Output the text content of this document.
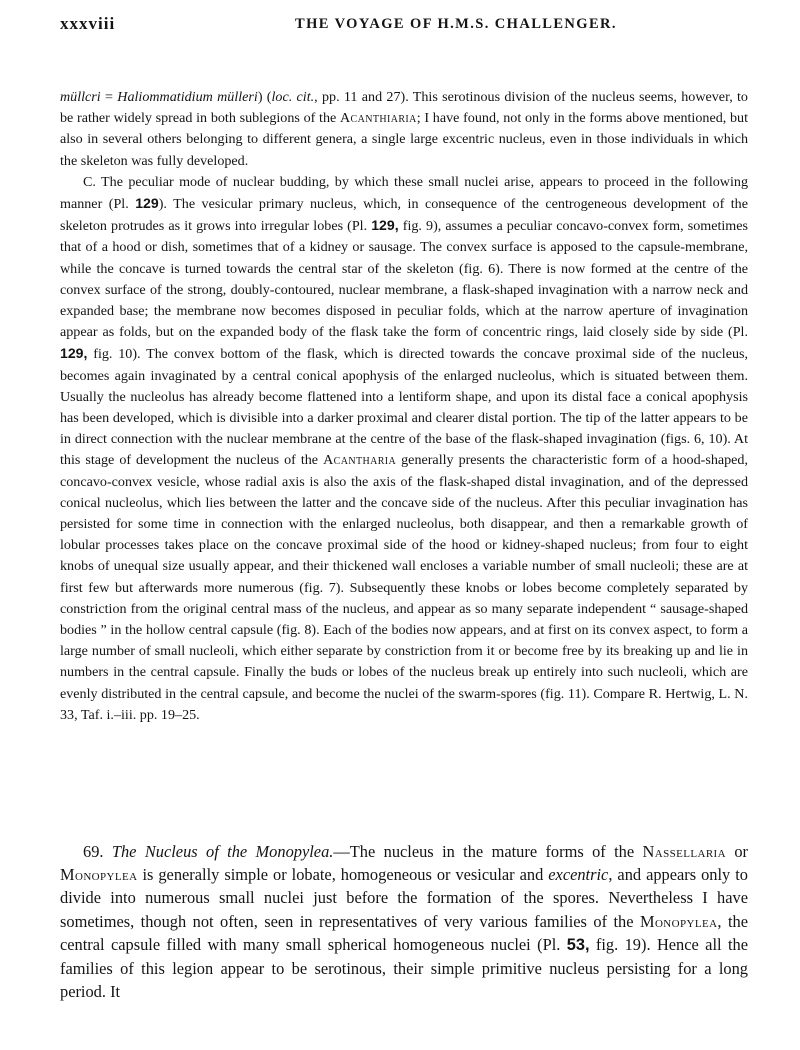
xxxviii	THE VOYAGE OF H.M.S. CHALLENGER.

müllcri = Haliommatidium mülleri) (loc. cit., pp. 11 and 27). This serotinous division of the nucleus seems, however, to be rather widely spread in both sublegions of the Acanthiaria; I have found, not only in the forms above mentioned, but also in several others belonging to different genera, a single large excentric nucleus, even in those individuals in which the skeleton was fully developed.

C. The peculiar mode of nuclear budding, by which these small nuclei arise, appears to proceed in the following manner (Pl. 129). The vesicular primary nucleus, which, in consequence of the centrogeneous development of the skeleton protrudes as it grows into irregular lobes (Pl. 129, fig. 9), assumes a peculiar concavo-convex form, sometimes that of a hood or dish, sometimes that of a kidney or sausage. The convex surface is apposed to the capsule-membrane, while the concave is turned towards the central star of the skeleton (fig. 6). There is now formed at the centre of the convex surface of the strong, doubly-contoured, nuclear membrane, a flask-shaped invagination with a narrow neck and expanded base; the membrane now becomes disposed in peculiar folds, which at the narrow aperture of invagination appear as folds, but on the expanded body of the flask take the form of concentric rings, laid closely side by side (Pl. 129, fig. 10). The convex bottom of the flask, which is directed towards the concave proximal side of the nucleus, becomes again invaginated by a central conical apophysis of the enlarged nucleolus, which is situated between them. Usually the nucleolus has already become flattened into a lentiform shape, and upon its distal face a conical apophysis has been developed, which is divisible into a darker proximal and clearer distal portion. The tip of the latter appears to be in direct connection with the nuclear membrane at the centre of the base of the flask-shaped invagination (figs. 6, 10). At this stage of development the nucleus of the Acantharia generally presents the characteristic form of a hood-shaped, concavo-convex vesicle, whose radial axis is also the axis of the flask-shaped distal invagination, and of the depressed conical nucleolus, which lies between the latter and the concave side of the nucleus. After this peculiar invagination has persisted for some time in connection with the enlarged nucleolus, both disappear, and then a remarkable growth of lobular processes takes place on the concave proximal side of the hood or kidney-shaped nucleus; from four to eight knobs of unequal size usually appear, and their thickened wall encloses a variable number of small nucleoli; these are at first few but afterwards more numerous (fig. 7). Subsequently these knobs or lobes become completely separated by constriction from the original central mass of the nucleus, and appear as so many separate independent “ sausage-shaped bodies ” in the hollow central capsule (fig. 8). Each of the bodies now appears, and at first on its convex aspect, to form a large number of small nucleoli, which either separate by constriction from it or become free by its breaking up and lie in numbers in the central capsule. Finally the buds or lobes of the nucleus break up entirely into such nucleoli, which are evenly distributed in the central capsule, and become the nuclei of the swarm-spores (fig. 11). Compare R. Hertwig, L. N. 33, Taf. i.–iii. pp. 19–25.

69. The Nucleus of the Monopylea.—The nucleus in the mature forms of the Nassellaria or Monopylea is generally simple or lobate, homogeneous or vesicular and excentric, and appears only to divide into numerous small nuclei just before the formation of the spores. Nevertheless I have sometimes, though not often, seen in representatives of very various families of the Monopylea, the central capsule filled with many small spherical homogeneous nuclei (Pl. 53, fig. 19). Hence all the families of this legion appear to be serotinous, their simple primitive nucleus persisting for a long period. It
